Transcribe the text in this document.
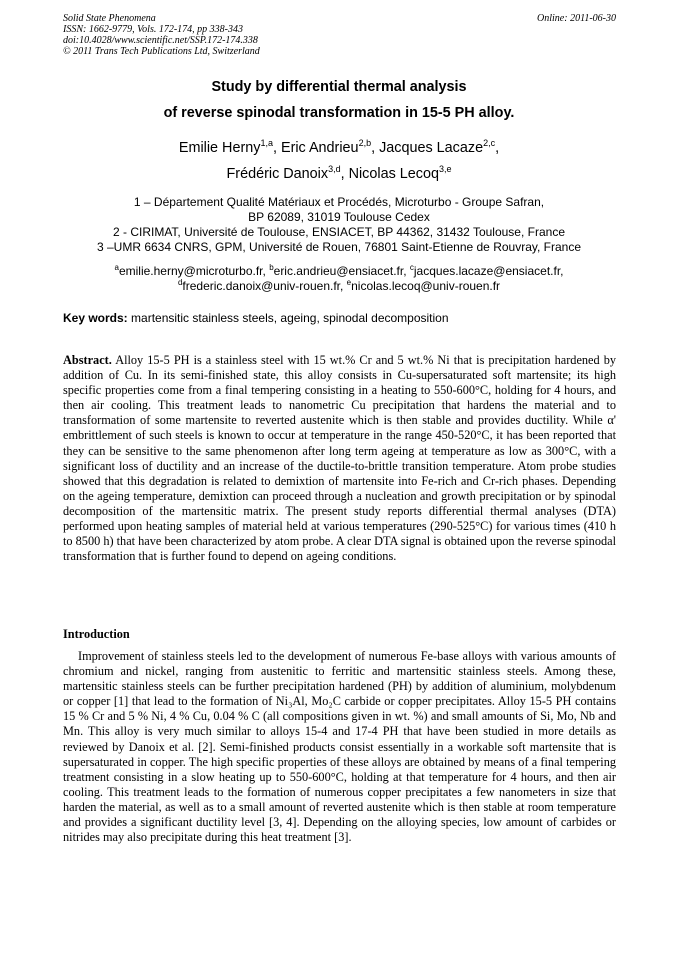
Solid State Phenomena
ISSN: 1662-9779, Vols. 172-174, pp 338-343
doi:10.4028/www.scientific.net/SSP.172-174.338
© 2011 Trans Tech Publications Ltd, Switzerland
Online: 2011-06-30
Study by differential thermal analysis
of reverse spinodal transformation in 15-5 PH alloy.
Emilie Herny$^{1,a}$, Eric Andrieu$^{2,b}$, Jacques Lacaze$^{2,c}$,
Frédéric Danoix$^{3,d}$, Nicolas Lecoq$^{3,e}$
1 – Département Qualité Matériaux et Procédés, Microturbo - Groupe Safran,
BP 62089, 31019 Toulouse Cedex
2 - CIRIMAT, Université de Toulouse, ENSIACET, BP 44362, 31432 Toulouse, France
3 –UMR 6634 CNRS, GPM, Université de Rouen, 76801 Saint-Etienne de Rouvray, France
$^a$emilie.herny@microturbo.fr, $^b$eric.andrieu@ensiacet.fr, $^c$jacques.lacaze@ensiacet.fr,
$^d$frederic.danoix@univ-rouen.fr, $^e$nicolas.lecoq@univ-rouen.fr
Key words: martensitic stainless steels, ageing, spinodal decomposition
Abstract. Alloy 15-5 PH is a stainless steel with 15 wt.% Cr and 5 wt.% Ni that is precipitation hardened by addition of Cu. In its semi-finished state, this alloy consists in Cu-supersaturated soft martensite; its high specific properties come from a final tempering consisting in a heating to 550-600°C, holding for 4 hours, and then air cooling. This treatment leads to nanometric Cu precipitation that hardens the material and to transformation of some martensite to reverted austenite which is then stable and provides ductility. While α' embrittlement of such steels is known to occur at temperature in the range 450-520°C, it has been reported that they can be sensitive to the same phenomenon after long term ageing at temperature as low as 300°C, with a significant loss of ductility and an increase of the ductile-to-brittle transition temperature. Atom probe studies showed that this degradation is related to demixtion of martensite into Fe-rich and Cr-rich phases. Depending on the ageing temperature, demixtion can proceed through a nucleation and growth precipitation or by spinodal decomposition of the martensitic matrix. The present study reports differential thermal analyses (DTA) performed upon heating samples of material held at various temperatures (290-525°C) for various times (410 h to 8500 h) that have been characterized by atom probe. A clear DTA signal is obtained upon the reverse spinodal transformation that is further found to depend on ageing conditions.
Introduction
Improvement of stainless steels led to the development of numerous Fe-base alloys with various amounts of chromium and nickel, ranging from austenitic to ferritic and martensitic stainless steels. Among these, martensitic stainless steels can be further precipitation hardened (PH) by addition of aluminium, molybdenum or copper [1] that lead to the formation of Ni₃Al, Mo₂C carbide or copper precipitates. Alloy 15-5 PH contains 15 % Cr and 5 % Ni, 4 % Cu, 0.04 % C (all compositions given in wt. %) and small amounts of Si, Mo, Nb and Mn. This alloy is very much similar to alloys 15-4 and 17-4 PH that have been studied in more details as reviewed by Danoix et al. [2]. Semi-finished products consist essentially in a workable soft martensite that is supersaturated in copper. The high specific properties of these alloys are obtained by means of a final tempering treatment consisting in a slow heating up to 550-600°C, holding at that temperature for 4 hours, and then air cooling. This treatment leads to the formation of numerous copper precipitates a few nanometers in size that harden the material, as well as to a small amount of reverted austenite which is then stable at room temperature and provides a significant ductility level [3, 4]. Depending on the alloying species, low amount of carbides or nitrides may also precipitate during this heat treatment [3].
